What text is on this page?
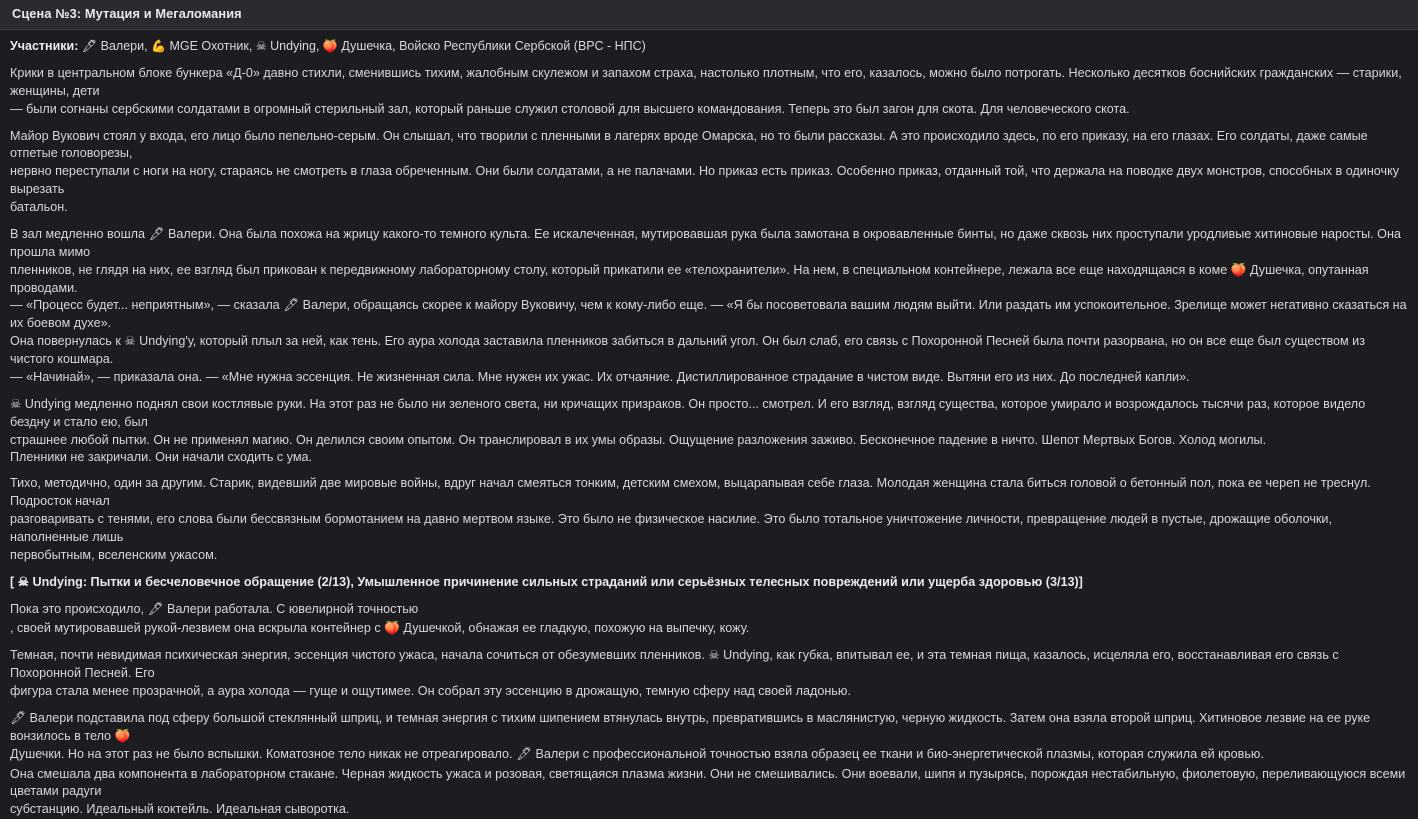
Сцена №3: Мутация и Мегаломания
Участники: 🖋 Валери, 💪 MGE Охотник, ☠ Undying, 🍑 Душечка, Войско Республики Сербской (ВРС - НПС)

Крики в центральном блоке бункера «Д-0» давно стихли, сменившись тихим, жалобным скулежом и запахом страха, настолько плотным, что его, казалось, можно было потрогать. Несколько десятков боснийских гражданских — старики, женщины, дети
— были согнаны сербскими солдатами в огромный стерильный зал, который раньше служил столовой для высшего командования. Теперь это был загон для скота. Для человеческого скота.

Майор Вукович стоял у входа, его лицо было пепельно-серым. Он слышал, что творили с пленными в лагерях вроде Омарска, но то были рассказы. А это происходило здесь, по его приказу, на его глазах. Его солдаты, даже самые отпетые головорезы,
нервно переступали с ноги на ногу, стараясь не смотреть в глаза обреченным. Они были солдатами, а не палачами. Но приказ есть приказ. Особенно приказ, отданный той, что держала на поводке двух монстров, способных в одиночку вырезать
батальон.

В зал медленно вошла 🖋 Валери. Она была похожа на жрицу какого-то темного культа. Ее искалеченная, мутировавшая рука была замотана в окровавленные бинты, но даже сквозь них проступали уродливые хитиновые наросты. Она прошла мимо
пленников, не глядя на них, ее взгляд был прикован к передвижному лабораторному столу, который прикатили ее «телохранители». На нем, в специальном контейнере, лежала все еще находящаяся в коме 🍑 Душечка, опутанная проводами.
— «Процесс будет... неприятным», — сказала 🖋 Валери, обращаясь скорее к майору Вуковичу, чем к кому-либо еще. — «Я бы посоветовала вашим людям выйти. Или раздать им успокоительное. Зрелище может негативно сказаться на их боевом духе».
Она повернулась к ☠ Undying'у, который плыл за ней, как тень. Его аура холода заставила пленников забиться в дальний угол. Он был слаб, его связь с Похоронной Песней была почти разорвана, но он все еще был существом из чистого кошмара.
— «Начинай», — приказала она. — «Мне нужна эссенция. Не жизненная сила. Мне нужен их ужас. Их отчаяние. Дистиллированное страдание в чистом виде. Вытяни его из них. До последней капли».

☠ Undying медленно поднял свои костлявые руки. На этот раз не было ни зеленого света, ни кричащих призраков. Он просто... смотрел. И его взгляд, взгляд существа, которое умирало и возрождалось тысячи раз, которое видело бездну и стало ею, был
страшнее любой пытки. Он не применял магию. Он делился своим опытом. Он транслировал в их умы образы. Ощущение разложения заживо. Бесконечное падение в ничто. Шепот Мертвых Богов. Холод могилы.
Пленники не закричали. Они начали сходить с ума.

Тихо, методично, один за другим. Старик, видевший две мировые войны, вдруг начал смеяться тонким, детским смехом, выцарапывая себе глаза. Молодая женщина стала биться головой о бетонный пол, пока ее череп не треснул. Подросток начал
разговаривать с тенями, его слова были бессвязным бормотанием на давно мертвом языке. Это было не физическое насилие. Это было тотальное уничтожение личности, превращение людей в пустые, дрожащие оболочки, наполненные лишь
первобытным, вселенским ужасом.

[ ☠ Undying: Пытки и бесчеловечное обращение (2/13), Умышленное причинение сильных страданий или серьёзных телесных повреждений или ущерба здоровью (3/13)]

Пока это происходило, 🖋 Валери работала. С ювелирной точностью

, своей мутировавшей рукой-лезвием она вскрыла контейнер с 🍑 Душечкой, обнажая ее гладкую, похожую на выпечку, кожу.

Темная, почти невидимая психическая энергия, эссенция чистого ужаса, начала сочиться от обезумевших пленников. ☠ Undying, как губка, впитывал ее, и эта темная пища, казалось, исцеляла его, восстанавливая его связь с Похоронной Песней. Его
фигура стала менее прозрачной, а аура холода — гуще и ощутимее. Он собрал эту эссенцию в дрожащую, темную сферу над своей ладонью.

🖋 Валери подставила под сферу большой стеклянный шприц, и темная энергия с тихим шипением втянулась внутрь, превратившись в маслянистую, черную жидкость. Затем она взяла второй шприц. Хитиновое лезвие на ее руке вонзилось в тело 🍑
Душечки. Но на этот раз не было вспышки. Коматозное тело никак не отреагировало. 🖋 Валери с профессиональной точностью взяла образец ее ткани и био-энергетической плазмы, которая служила ей кровью.

Она смешала два компонента в лабораторном стакане. Черная жидкость ужаса и розовая, светящаяся плазма жизни. Они не смешивались. Они воевали, шипя и пузырясь, порождая нестабильную, фиолетовую, переливающуюся всеми цветами радуги
субстанцию. Идеальный коктейль. Идеальная сыворотка.
